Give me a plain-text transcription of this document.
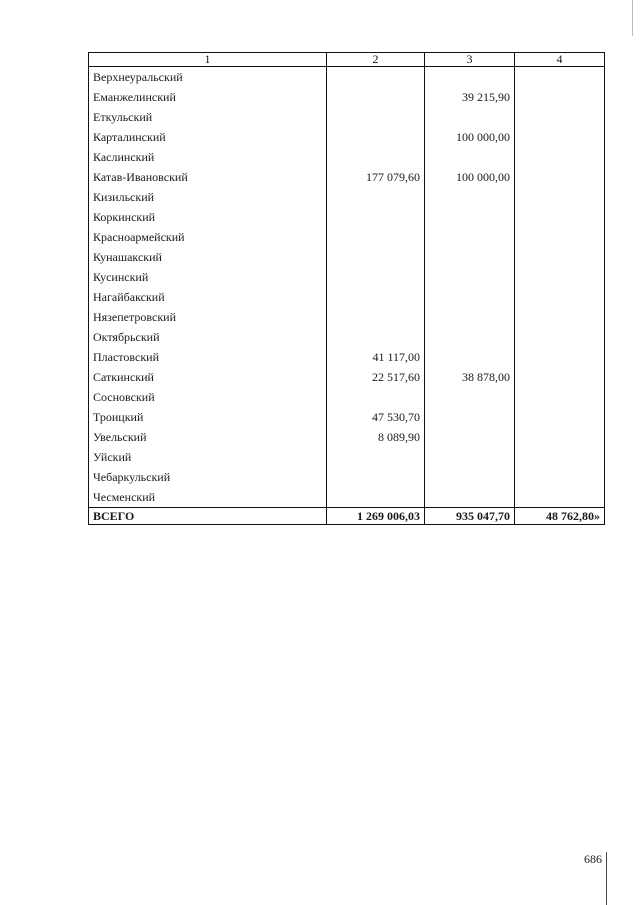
1	2	3	4
Верхнеуральский			
Еманжелинский		39 215,90	
Еткульский			
Карталинский		100 000,00	
Каслинский			
Катав-Ивановский	177 079,60	100 000,00	
Кизильский			
Коркинский			
Красноармейский			
Кунашакский			
Кусинский			
Нагайбакский			
Нязепетровский			
Октябрьский			
Пластовский	41 117,00		
Саткинский	22 517,60	38 878,00	
Сосновский			
Троицкий	47 530,70		
Увельский	8 089,90		
Уйский			
Чебаркульский			
Чесменский			
ВСЕГО	1 269 006,03	935 047,70	48 762,80»
686
